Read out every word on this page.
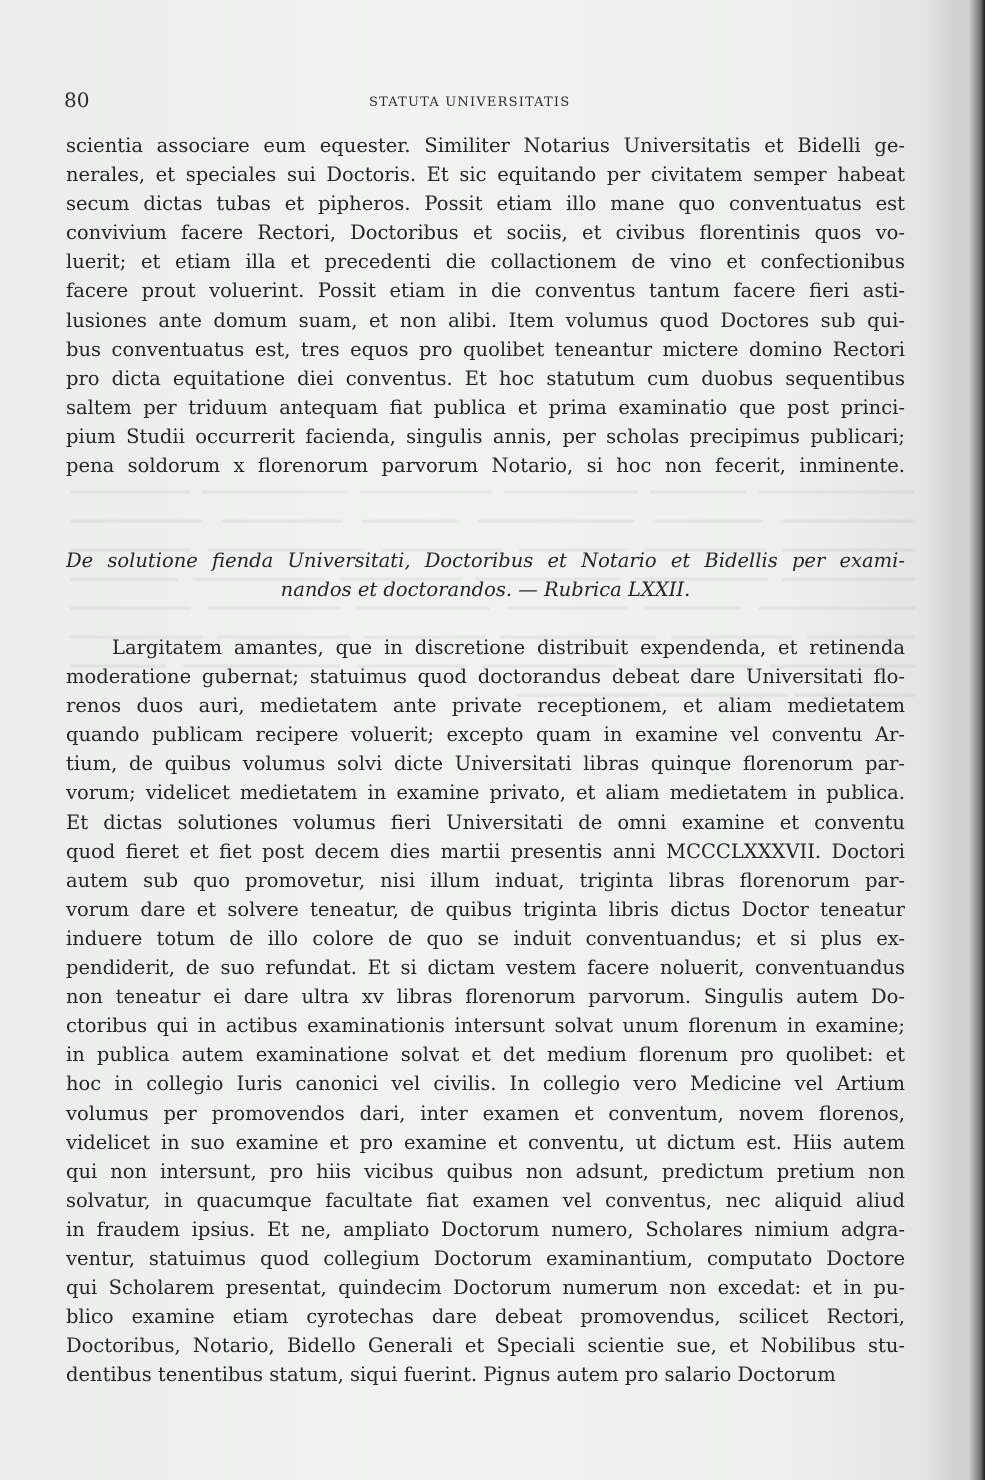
80	STATUTA UNIVERSITATIS
scientia associare eum equester. Similiter Notarius Universitatis et Bidelli ge-
nerales, et speciales sui Doctoris. Et sic equitando per civitatem semper habeat
secum dictas tubas et pipheros. Possit etiam illo mane quo conventuatus est
convivium facere Rectori, Doctoribus et sociis, et civibus florentinis quos vo-
luerit; et etiam illa et precedenti die collactionem de vino et confectionibus
facere prout voluerint. Possit etiam in die conventus tantum facere fieri asti-
lusiones ante domum suam, et non alibi. Item volumus quod Doctores sub qui-
bus conventuatus est, tres equos pro quolibet teneantur mictere domino Rectori
pro dicta equitatione diei conventus. Et hoc statutum cum duobus sequentibus
saltem per triduum antequam fiat publica et prima examinatio que post princi-
pium Studii occurrerit facienda, singulis annis, per scholas precipimus publicari;
pena soldorum x florenorum parvorum Notario, si hoc non fecerit, inminente.
De solutione fienda Universitati, Doctoribus et Notario et Bidellis per exami-
nandos et doctorandos. — Rubrica LXXII.
Largitatem amantes, que in discretione distribuit expendenda, et retinenda
moderatione gubernat; statuimus quod doctorandus debeat dare Universitati flo-
renos duos auri, medietatem ante private receptionem, et aliam medietatem
quando publicam recipere voluerit; excepto quam in examine vel conventu Ar-
tium, de quibus volumus solvi dicte Universitati libras quinque florenorum par-
vorum; videlicet medietatem in examine privato, et aliam medietatem in publica.
Et dictas solutiones volumus fieri Universitati de omni examine et conventu
quod fieret et fiet post decem dies martii presentis anni MCCCLXXXVII. Doctori
autem sub quo promovetur, nisi illum induat, triginta libras florenorum par-
vorum dare et solvere teneatur, de quibus triginta libris dictus Doctor teneatur
induere totum de illo colore de quo se induit conventuandus; et si plus ex-
pendiderit, de suo refundat. Et si dictam vestem facere noluerit, conventuandus
non teneatur ei dare ultra xv libras florenorum parvorum. Singulis autem Do-
ctoribus qui in actibus examinationis intersunt solvat unum florenum in examine;
in publica autem examinatione solvat et det medium florenum pro quolibet: et
hoc in collegio Iuris canonici vel civilis. In collegio vero Medicine vel Artium
volumus per promovendos dari, inter examen et conventum, novem florenos,
videlicet in suo examine et pro examine et conventu, ut dictum est. Hiis autem
qui non intersunt, pro hiis vicibus quibus non adsunt, predictum pretium non
solvatur, in quacumque facultate fiat examen vel conventus, nec aliquid aliud
in fraudem ipsius. Et ne, ampliato Doctorum numero, Scholares nimium adgra-
ventur, statuimus quod collegium Doctorum examinantium, computato Doctore
qui Scholarem presentat, quindecim Doctorum numerum non excedat: et in pu-
blico examine etiam cyrotechas dare debeat promovendus, scilicet Rectori,
Doctoribus, Notario, Bidello Generali et Speciali scientie sue, et Nobilibus stu-
dentibus tenentibus statum, siqui fuerint. Pignus autem pro salario Doctorum
